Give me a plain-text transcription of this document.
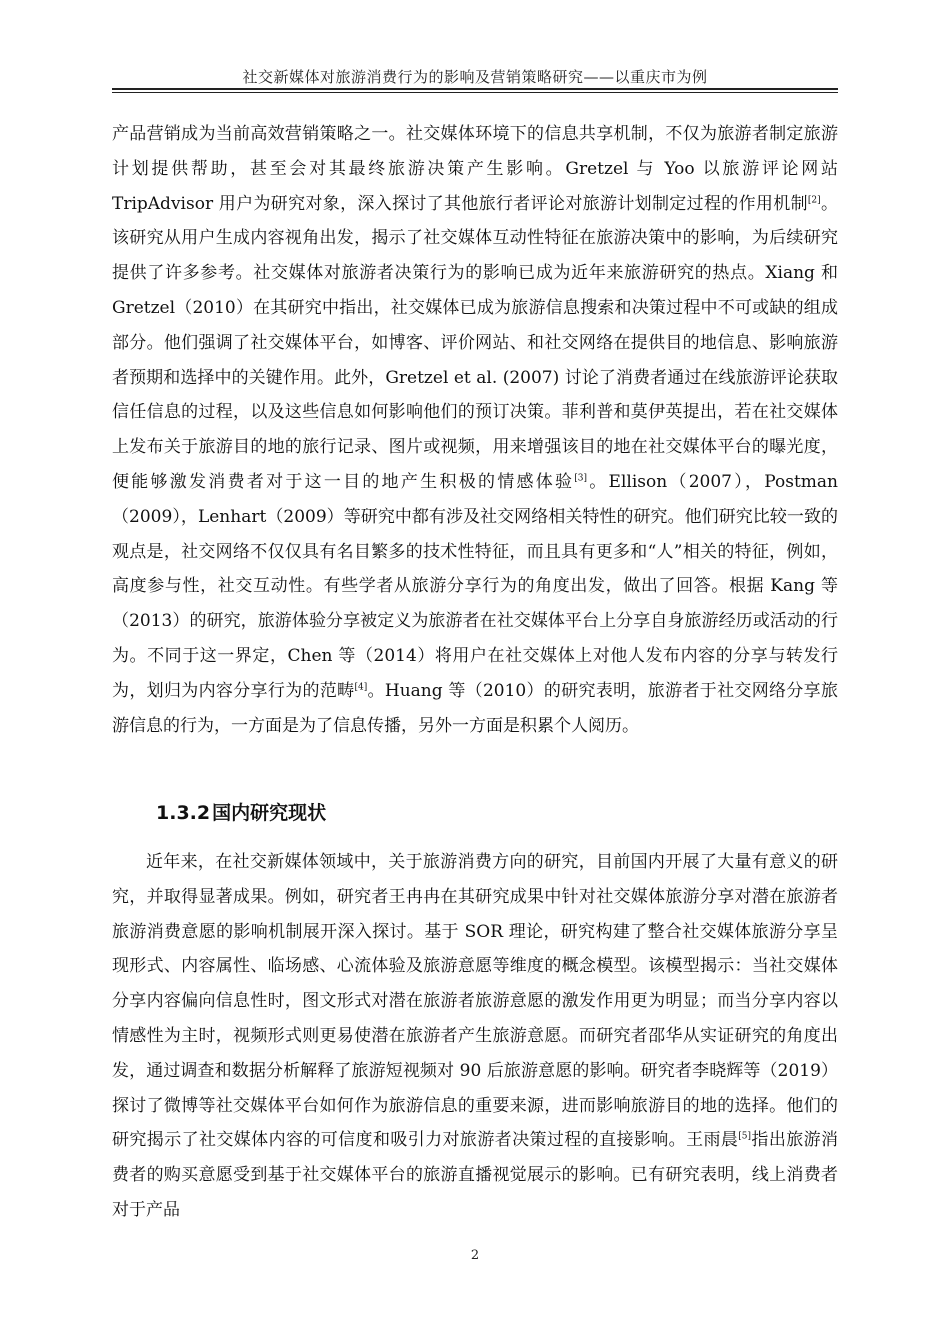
社交新媒体对旅游消费行为的影响及营销策略研究——以重庆市为例
产品营销成为当前高效营销策略之一。社交媒体环境下的信息共享机制，不仅为旅游者制定旅游计划提供帮助，甚至会对其最终旅游决策产生影响。Gretzel 与 Yoo 以旅游评论网站 TripAdvisor 用户为研究对象，深入探讨了其他旅行者评论对旅游计划制定过程的作用机制[2]。该研究从用户生成内容视角出发，揭示了社交媒体互动性特征在旅游决策中的影响，为后续研究提供了许多参考。社交媒体对旅游者决策行为的影响已成为近年来旅游研究的热点。Xiang 和 Gretzel（2010）在其研究中指出，社交媒体已成为旅游信息搜索和决策过程中不可或缺的组成部分。他们强调了社交媒体平台，如博客、评价网站、和社交网络在提供目的地信息、影响旅游者预期和选择中的关键作用。此外，Gretzel et al. (2007) 讨论了消费者通过在线旅游评论获取信任信息的过程，以及这些信息如何影响他们的预订决策。菲利普和莫伊英提出，若在社交媒体上发布关于旅游目的地的旅行记录、图片或视频，用来增强该目的地在社交媒体平台的曝光度，便能够激发消费者对于这一目的地产生积极的情感体验[3]。Ellison（2007），Postman（2009），Lenhart（2009）等研究中都有涉及社交网络相关特性的研究。他们研究比较一致的观点是，社交网络不仅仅具有名目繁多的技术性特征，而且具有更多和“人”相关的特征，例如，高度参与性，社交互动性。有些学者从旅游分享行为的角度出发，做出了回答。根据 Kang 等（2013）的研究，旅游体验分享被定义为旅游者在社交媒体平台上分享自身旅游经历或活动的行为。不同于这一界定，Chen 等（2014）将用户在社交媒体上对他人发布内容的分享与转发行为，划归为内容分享行为的范畴[4]。Huang 等（2010）的研究表明，旅游者于社交网络分享旅游信息的行为，一方面是为了信息传播，另外一方面是积累个人阅历。
1.3.2 国内研究现状
近年来，在社交新媒体领域中，关于旅游消费方向的研究，目前国内开展了大量有意义的研究，并取得显著成果。例如，研究者王冉冉在其研究成果中针对社交媒体旅游分享对潜在旅游者旅游消费意愿的影响机制展开深入探讨。基于 SOR 理论，研究构建了整合社交媒体旅游分享呈现形式、内容属性、临场感、心流体验及旅游意愿等维度的概念模型。该模型揭示：当社交媒体分享内容偏向信息性时，图文形式对潜在旅游者旅游意愿的激发作用更为明显；而当分享内容以情感性为主时，视频形式则更易使潜在旅游者产生旅游意愿。而研究者邵华从实证研究的角度出发，通过调查和数据分析解释了旅游短视频对 90 后旅游意愿的影响。研究者李晓辉等（2019）探讨了微博等社交媒体平台如何作为旅游信息的重要来源，进而影响旅游目的地的选择。他们的研究揭示了社交媒体内容的可信度和吸引力对旅游者决策过程的直接影响。王雨晨[5]指出旅游消费者的购买意愿受到基于社交媒体平台的旅游直播视觉展示的影响。已有研究表明，线上消费者对于产品
2
